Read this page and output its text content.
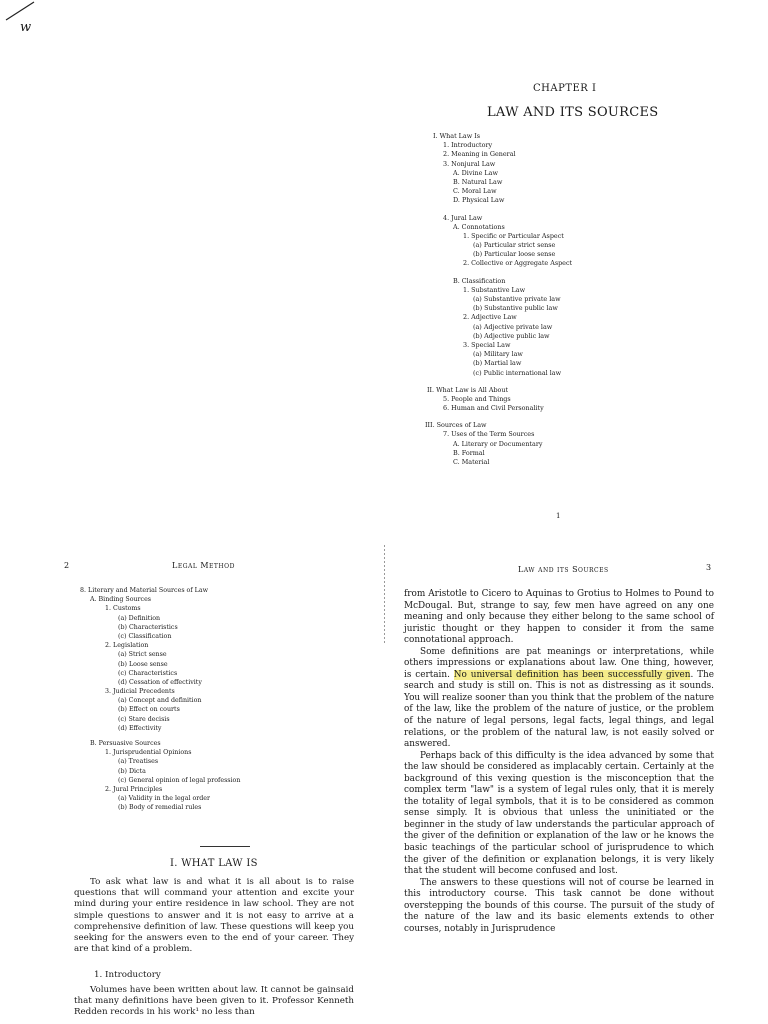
w
CHAPTER I
LAW AND ITS SOURCES
I. What Law Is
1. Introductory
2. Meaning in General
3. Nonjural Law
A. Divine Law
B. Natural Law
C. Moral Law
D. Physical Law
4. Jural Law
A. Connotations
1. Specific or Particular Aspect
(a) Particular strict sense
(b) Particular loose sense
2. Collective or Aggregate Aspect
B. Classification
1. Substantive Law
(a) Substantive private law
(b) Substantive public law
2. Adjective Law
(a) Adjective private law
(b) Adjective public law
3. Special Law
(a) Military law
(b) Martial law
(c) Public international law
II. What Law is All About
5. People and Things
6. Human and Civil Personality
III. Sources of Law
7. Uses of the Term Sources
A. Literary or Documentary
B. Formal
C. Material
1
2	Legal Method
8. Literary and Material Sources of Law
A. Binding Sources
1. Customs
(a) Definition
(b) Characteristics
(c) Classification
2. Legislation
(a) Strict sense
(b) Loose sense
(c) Characteristics
(d) Cessation of effectivity
3. Judicial Precedents
(a) Concept and definition
(b) Effect on courts
(c) Stare decisis
(d) Effectivity
B. Persuasive Sources
1. Jurisprudential Opinions
(a) Treatises
(b) Dicta
(c) General opinion of legal profession
2. Jural Principles
(a) Validity in the legal order
(b) Body of remedial rules
I. WHAT LAW IS

To ask what law is and what it is all about is to raise questions that will command your attention and excite your mind during your entire residence in law school. They are not simple questions to answer and it is not easy to arrive at a comprehensive definition of law. These questions will keep you seeking for the answers even to the end of your career. They are that kind of a problem.

1. Introductory

Volumes have been written about law. It cannot be gainsaid that many definitions have been given to it. Professor Kenneth Redden records in his work¹ no less than

Law and its Sources	3

from Aristotle to Cicero to Aquinas to Grotius to Holmes to Pound to McDougal. But, strange to say, few men have agreed on any one meaning and only because they either belong to the same school of juristic thought or they happen to consider it from the same connotational approach.

Some definitions are pat meanings or interpretations, while others impressions or explanations about law. One thing, however, is certain. No universal definition has been successfully given. The search and study is still on. This is not as distressing as it sounds. You will realize sooner than you think that the problem of the nature of the law, like the problem of the nature of justice, or the problem of the nature of legal persons, legal facts, legal things, and legal relations, or the problem of the natural law, is not easily solved or answered.

Perhaps back of this difficulty is the idea advanced by some that the law should be considered as implacably certain. Certainly at the background of this vexing question is the misconception that the complex term "law" is a system of legal rules only, that it is merely the totality of legal symbols, that it is to be considered as common sense simply. It is obvious that unless the uninitiated or the beginner in the study of law understands the particular approach of the giver of the definition or explanation of the law or he knows the basic teachings of the particular school of jurisprudence to which the giver of the definition or explanation belongs, it is very likely that the student will become confused and lost.

The answers to these questions will not of course be learned in this introductory course. This task cannot be done without overstepping the bounds of this course. The pursuit of the study of the nature of the law and its basic elements extends to other courses, notably in Jurisprudence
